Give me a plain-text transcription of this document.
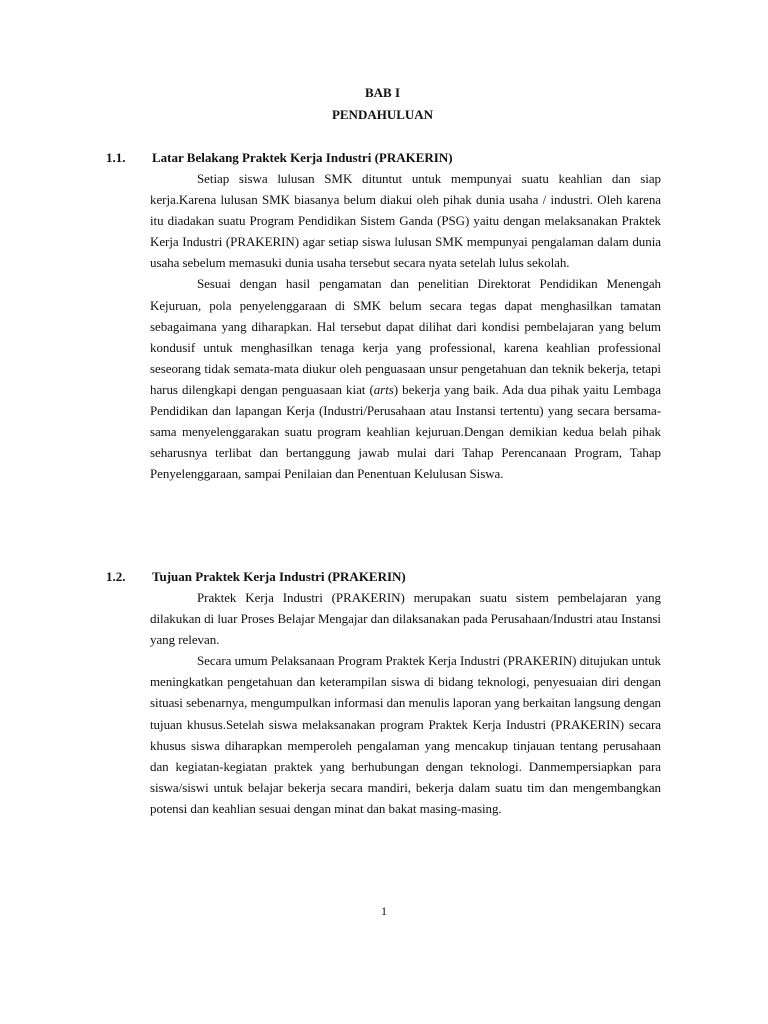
BAB I
PENDAHULUAN
1.1. Latar Belakang Praktek Kerja Industri (PRAKERIN)

Setiap siswa lulusan SMK dituntut untuk mempunyai suatu keahlian dan siap kerja.Karena lulusan SMK biasanya belum diakui oleh pihak dunia usaha / industri. Oleh karena itu diadakan suatu Program Pendidikan Sistem Ganda (PSG) yaitu dengan melaksanakan Praktek Kerja Industri (PRAKERIN) agar setiap siswa lulusan SMK mempunyai pengalaman dalam dunia usaha sebelum memasuki dunia usaha tersebut secara nyata setelah lulus sekolah.

Sesuai dengan hasil pengamatan dan penelitian Direktorat Pendidikan Menengah Kejuruan, pola penyelenggaraan di SMK belum secara tegas dapat menghasilkan tamatan sebagaimana yang diharapkan. Hal tersebut dapat dilihat dari kondisi pembelajaran yang belum kondusif untuk menghasilkan tenaga kerja yang professional, karena keahlian professional seseorang tidak semata-mata diukur oleh penguasaan unsur pengetahuan dan teknik bekerja, tetapi harus dilengkapi dengan penguasaan kiat (arts) bekerja yang baik. Ada dua pihak yaitu Lembaga Pendidikan dan lapangan Kerja (Industri/Perusahaan atau Instansi tertentu) yang secara bersama-sama menyelenggarakan suatu program keahlian kejuruan.Dengan demikian kedua belah pihak seharusnya terlibat dan bertanggung jawab mulai dari Tahap Perencanaan Program, Tahap Penyelenggaraan, sampai Penilaian dan Penentuan Kelulusan Siswa.

1.2. Tujuan Praktek Kerja Industri (PRAKERIN)

Praktek Kerja Industri (PRAKERIN) merupakan suatu sistem pembelajaran yang dilakukan di luar Proses Belajar Mengajar dan dilaksanakan pada Perusahaan/Industri atau Instansi yang relevan.

Secara umum Pelaksanaan Program Praktek Kerja Industri (PRAKERIN) ditujukan untuk meningkatkan pengetahuan dan keterampilan siswa di bidang teknologi, penyesuaian diri dengan situasi sebenarnya, mengumpulkan informasi dan menulis laporan yang berkaitan langsung dengan tujuan khusus.Setelah siswa melaksanakan program Praktek Kerja Industri (PRAKERIN) secara khusus siswa diharapkan memperoleh pengalaman yang mencakup tinjauan tentang perusahaan dan kegiatan-kegiatan praktek yang berhubungan dengan teknologi. Danmempersiapkan para siswa/siswi untuk belajar bekerja secara mandiri, bekerja dalam suatu tim dan mengembangkan potensi dan keahlian sesuai dengan minat dan bakat masing-masing.

1
